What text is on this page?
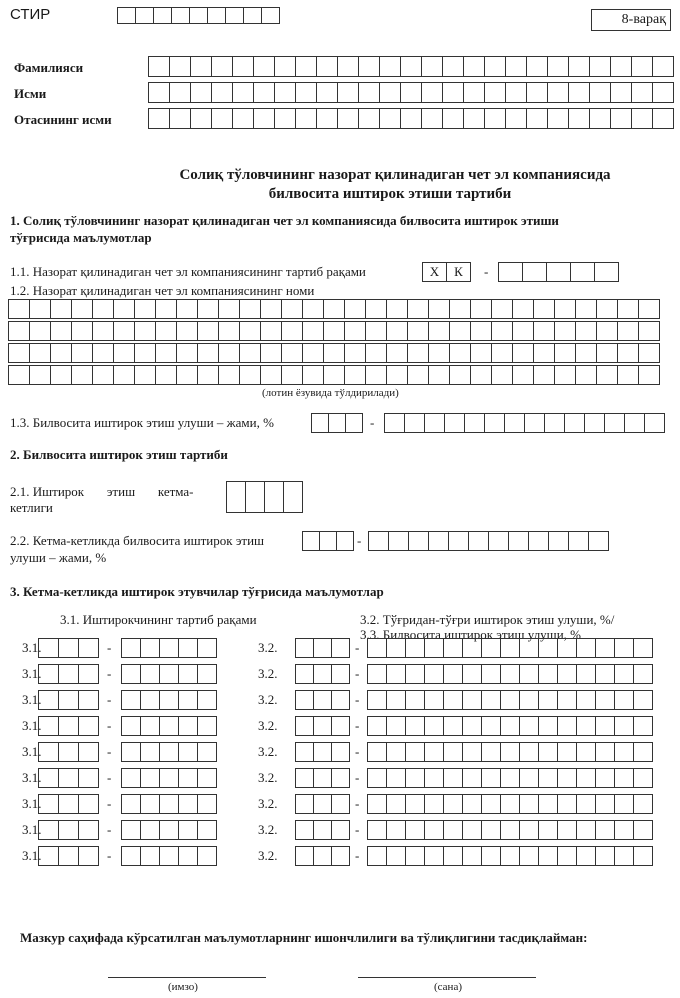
СТИР	8-варақ
Фамилияси
Исми
Отасининг исми
Солиқ тўловчининг назорат қилинадиган чет эл компаниясида
билвосита иштирок этиши тартиби
1. Солиқ тўловчининг назорат қилинадиган чет эл компаниясида билвосита иштирок этиши
тўғрисида маълумотлар
1.1. Назорат қилинадиган чет эл компаниясининг тартиб рақами	Х	К	-
1.2. Назорат қилинадиган чет эл компаниясининг номи
(лотин ёзувида тўлдирилади)
1.3. Билвосита иштирок этиш улуши – жами, %	-
2. Билвосита иштирок этиш тартиби
2.1. Иштирок       этиш       кетма-
кетлиги
2.2. Кетма-кетликда билвосита иштирок этиш
улуши – жами, %
-
3. Кетма-кетликда иштирок этувчилар тўғрисида маълумотлар
3.1. Иштирокчининг тартиб рақами	3.2. Тўғридан-тўғри иштирок этиш улуши, %/
3.3. Билвосита иштирок этиш улуши, %
3.1.	-	3.2.	-
3.1.	-	3.2.	-
3.1.	-	3.2.	-
3.1.	-	3.2.	-
3.1.	-	3.2.	-
3.1.	-	3.2.	-
3.1.	-	3.2.	-
3.1.	-	3.2.	-
3.1.	-	3.2.	-
Мазкур саҳифада кўрсатилган маълумотларнинг ишончлилиги ва тўлиқлигини тасдиқлайман:
(имзо)	(сана)
